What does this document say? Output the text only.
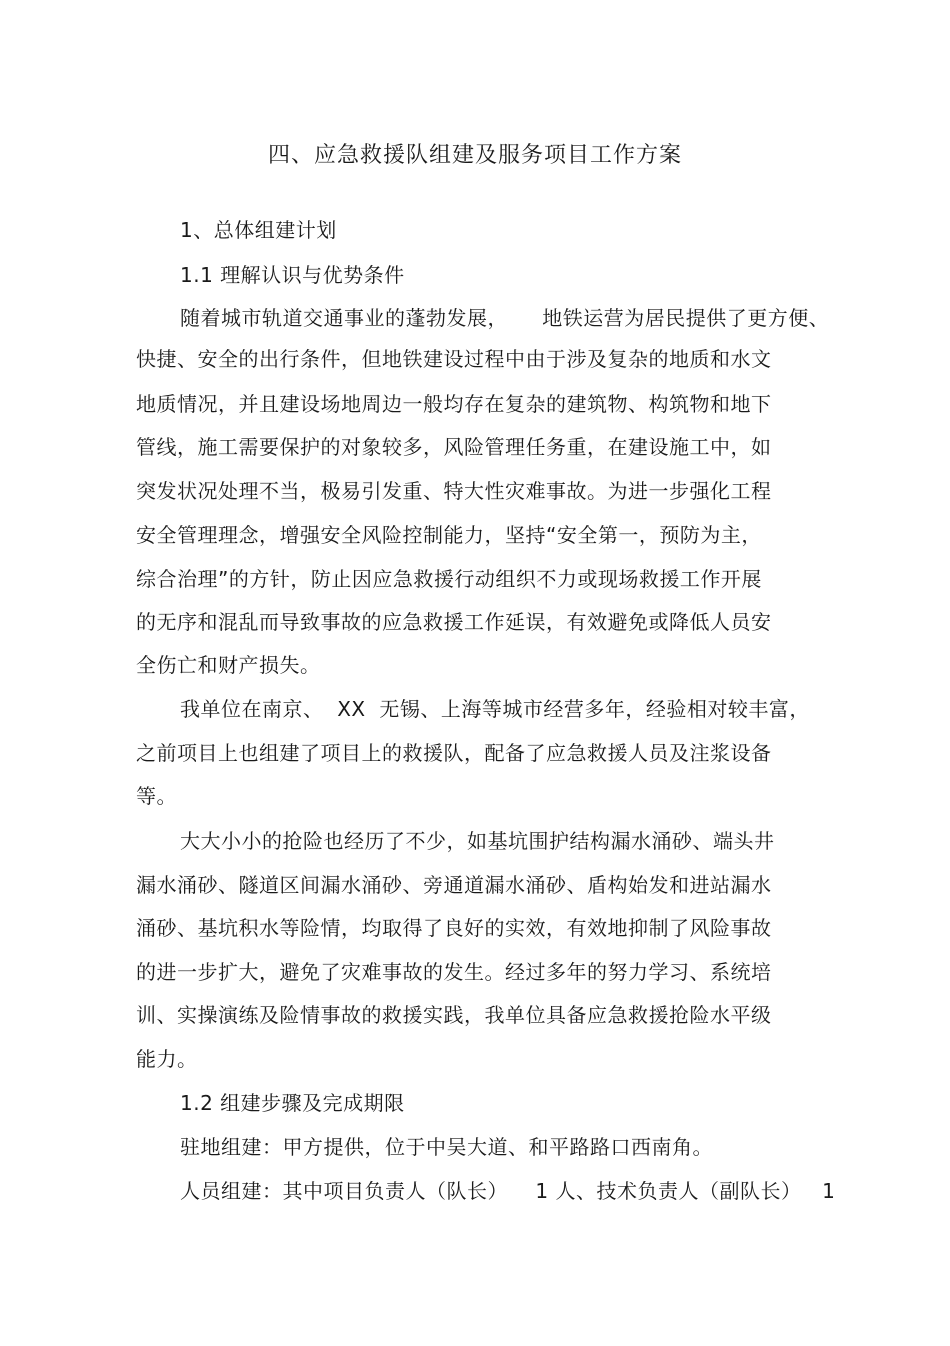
四、应急救援队组建及服务项目工作方案
1、总体组建计划
1.1 理解认识与优势条件
随着城市轨道交通事业的蓬勃发展，     地铁运营为居民提供了更方便、
快捷、安全的出行条件，但地铁建设过程中由于涉及复杂的地质和水文
地质情况，并且建设场地周边一般均存在复杂的建筑物、构筑物和地下
管线，施工需要保护的对象较多，风险管理任务重，在建设施工中，如
突发状况处理不当，极易引发重、特大性灾难事故。为进一步强化工程
安全管理理念，增强安全风险控制能力，坚持“安全第一，预防为主，
综合治理”的方针，防止因应急救援行动组织不力或现场救援工作开展
的无序和混乱而导致事故的应急救援工作延误，有效避免或降低人员安
全伤亡和财产损失。
我单位在南京、  XX  无锡、上海等城市经营多年，经验相对较丰富，
之前项目上也组建了项目上的救援队，配备了应急救援人员及注浆设备
等。
大大小小的抢险也经历了不少，如基坑围护结构漏水涌砂、端头井
漏水涌砂、隧道区间漏水涌砂、旁通道漏水涌砂、盾构始发和进站漏水
涌砂、基坑积水等险情，均取得了良好的实效，有效地抑制了风险事故
的进一步扩大，避免了灾难事故的发生。经过多年的努力学习、系统培
训、实操演练及险情事故的救援实践，我单位具备应急救援抢险水平级
能力。
1.2 组建步骤及完成期限
驻地组建：甲方提供，位于中吴大道、和平路路口西南角。
人员组建：其中项目负责人（队长）    1 人、技术负责人（副队长）   1
